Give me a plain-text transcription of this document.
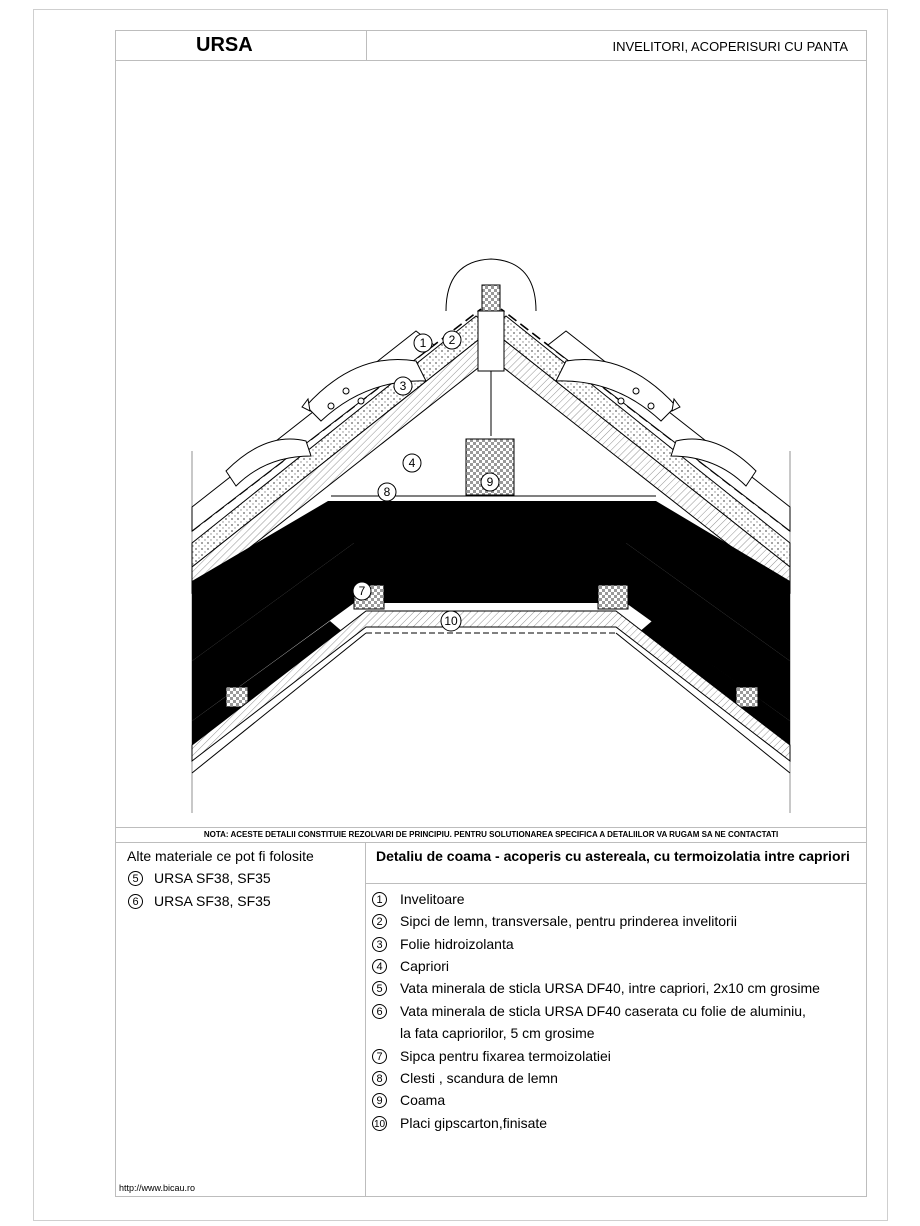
URSA	INVELITORI, ACOPERISURI CU PANTA
1 2
3
4
8
9
7
10
NOTA: ACESTE DETALII CONSTITUIE REZOLVARI DE PRINCIPIU. PENTRU SOLUTIONAREA SPECIFICA A DETALIILOR VA RUGAM SA NE CONTACTATI
Alte materiale ce pot fi folosite
5	URSA SF38, SF35
6	URSA SF38, SF35
Detaliu de coama - acoperis cu astereala, cu termoizolatia intre capriori
1	Invelitoare
2	Sipci de lemn, transversale, pentru prinderea invelitorii
3	Folie hidroizolanta
4	Capriori
5	Vata minerala de sticla URSA DF40, intre capriori, 2x10 cm grosime
6	Vata minerala de sticla URSA DF40 caserata cu folie de aluminiu,
la fata capriorilor, 5 cm grosime
7	Sipca pentru fixarea termoizolatiei
8	Clesti , scandura de lemn
9	Coama
10 Placi gipscarton,finisate
http://www.bicau.ro
